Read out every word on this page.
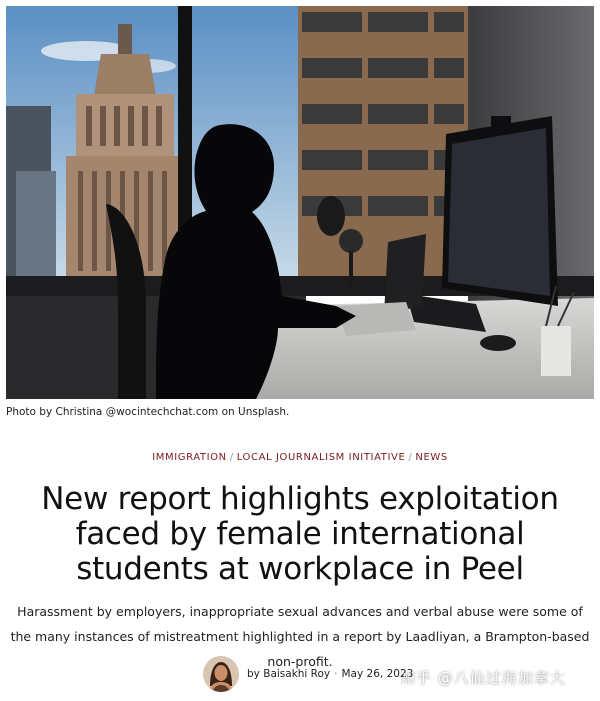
Photo by Christina @wocintechchat.com on Unsplash.
IMMIGRATION / LOCAL JOURNALISM INITIATIVE / NEWS
New report highlights exploitation faced by female international students at workplace in Peel

Harassment by employers, inappropriate sexual advances and verbal abuse were some of the many instances of mistreatment highlighted in a report by Laadliyan, a Brampton-based non-profit.

by Baisakhi Roy · May 26, 2023
知乎 @八仙过海加拿大
